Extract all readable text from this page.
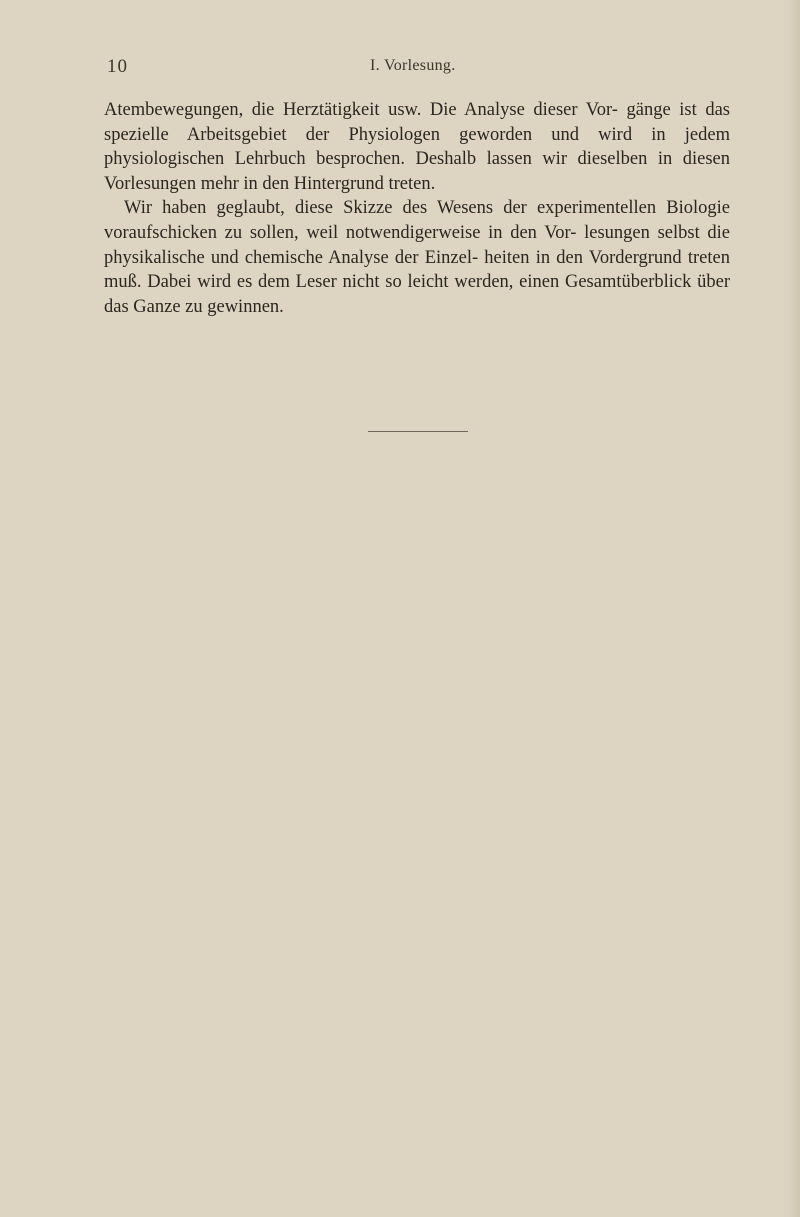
10	I. Vorlesung.

Atembewegungen, die Herztätigkeit usw. Die Analyse dieser Vor- gänge ist das spezielle Arbeitsgebiet der Physiologen geworden und wird in jedem physiologischen Lehrbuch besprochen. Deshalb lassen wir dieselben in diesen Vorlesungen mehr in den Hintergrund treten.

Wir haben geglaubt, diese Skizze des Wesens der experimentellen Biologie voraufschicken zu sollen, weil notwendigerweise in den Vor- lesungen selbst die physikalische und chemische Analyse der Einzel- heiten in den Vordergrund treten muß. Dabei wird es dem Leser nicht so leicht werden, einen Gesamtüberblick über das Ganze zu gewinnen.
